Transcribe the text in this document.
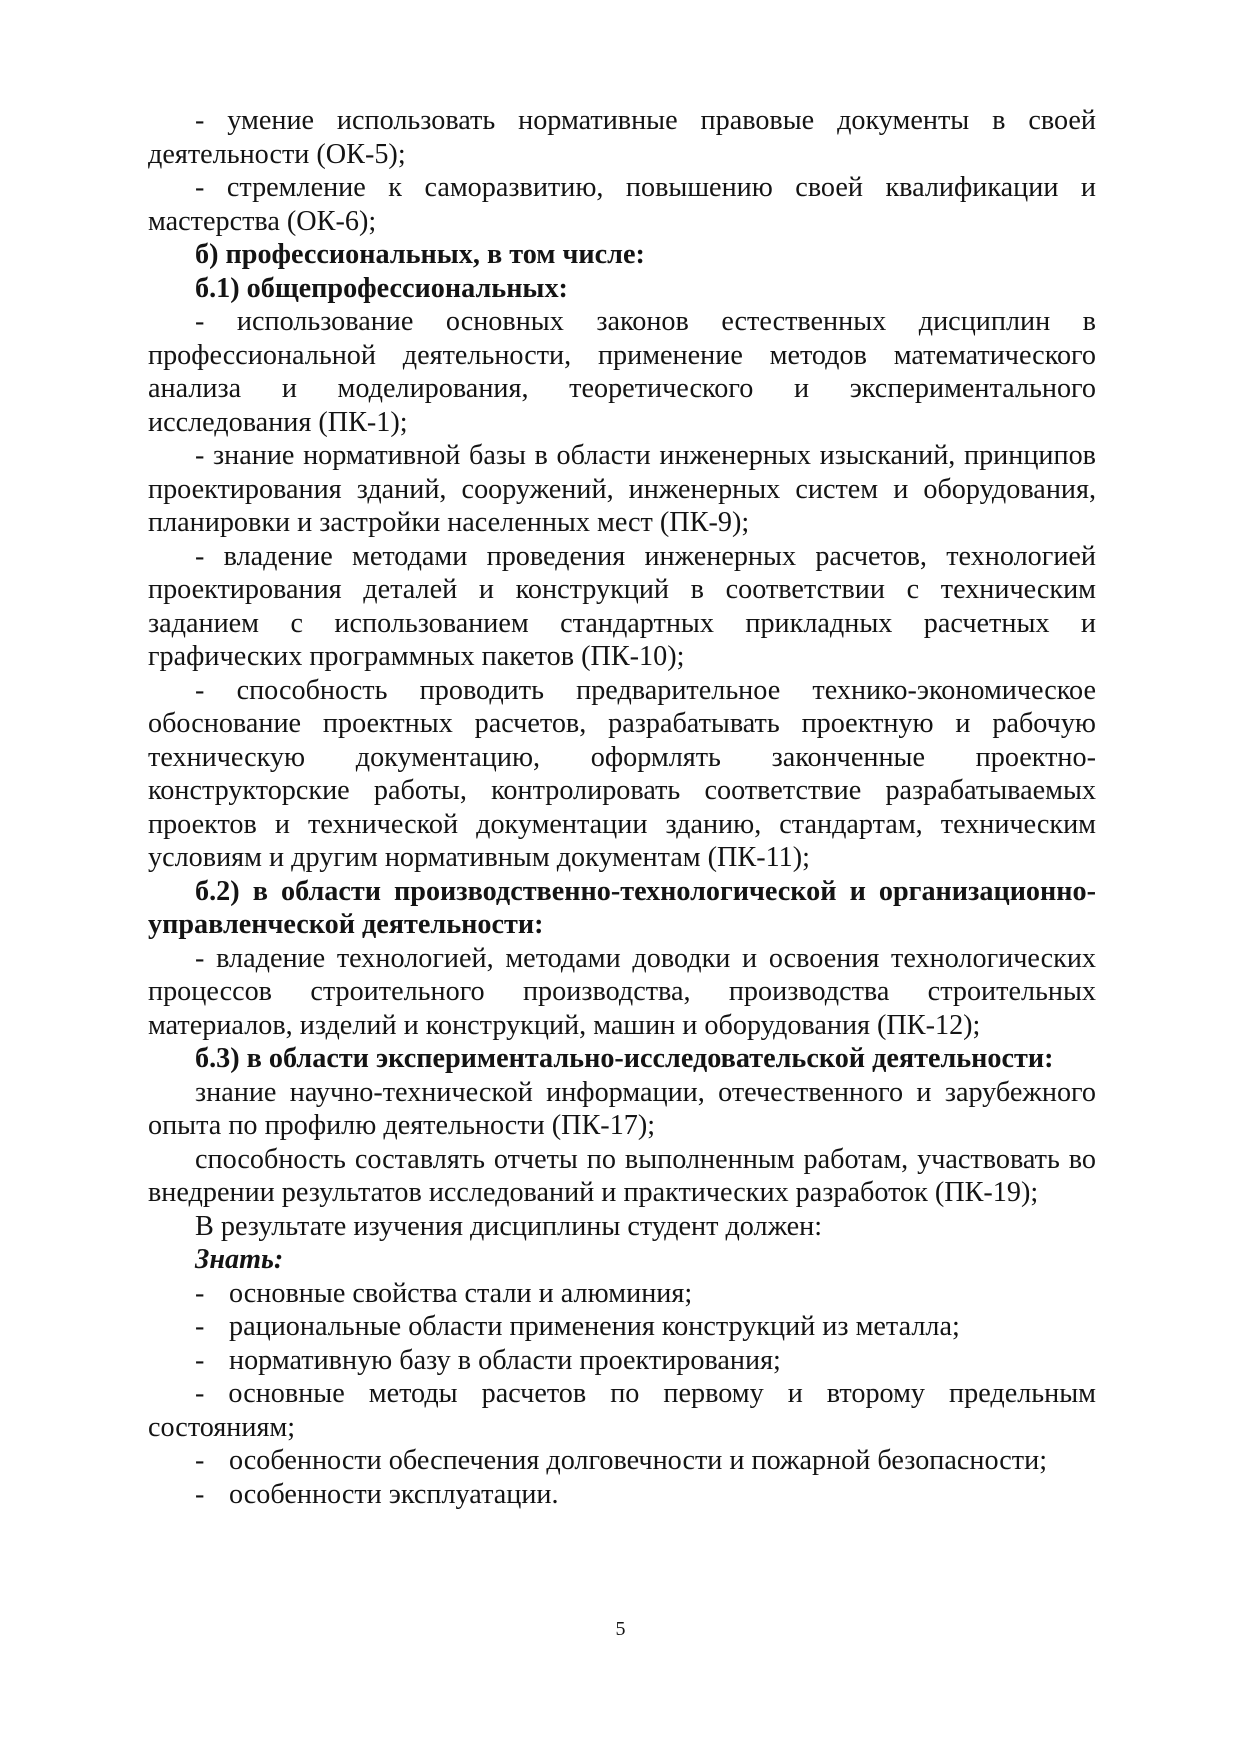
- умение использовать нормативные правовые документы в своей деятельности (ОК-5);

- стремление к саморазвитию, повышению своей квалификации и мастерства (ОК-6);

б) профессиональных, в том числе:

б.1) общепрофессиональных:

- использование основных законов естественных дисциплин в профессиональной деятельности, применение методов математического анализа и моделирования, теоретического и экспериментального исследования (ПК-1);

- знание нормативной базы в области инженерных изысканий, принципов проектирования зданий, сооружений, инженерных систем и оборудования, планировки и застройки населенных мест (ПК-9);

- владение методами проведения инженерных расчетов, технологией проектирования деталей и конструкций в соответствии с техническим заданием с использованием стандартных прикладных расчетных и графических программных пакетов (ПК-10);

- способность проводить предварительное технико-экономическое обоснование проектных расчетов, разрабатывать проектную и рабочую техническую документацию, оформлять законченные проектно-конструкторские работы, контролировать соответствие разрабатываемых проектов и технической документации зданию, стандартам, техническим условиям и другим нормативным документам (ПК-11);

б.2) в области производственно-технологической и организационно-управленческой деятельности:

- владение технологией, методами доводки и освоения технологических процессов строительного производства, производства строительных материалов, изделий и конструкций, машин и оборудования (ПК-12);

б.3) в области экспериментально-исследовательской деятельности:

знание научно-технической информации, отечественного и зарубежного опыта по профилю деятельности (ПК-17);

способность составлять отчеты по выполненным работам, участвовать во внедрении результатов исследований и практических разработок (ПК-19);

В результате изучения дисциплины студент должен:

Знать:

- основные свойства стали и алюминия;

- рациональные области применения конструкций из металла;

- нормативную базу в области проектирования;

- основные методы расчетов по первому и второму предельным состояниям;

- особенности обеспечения долговечности и пожарной безопасности;

- особенности эксплуатации.

5
